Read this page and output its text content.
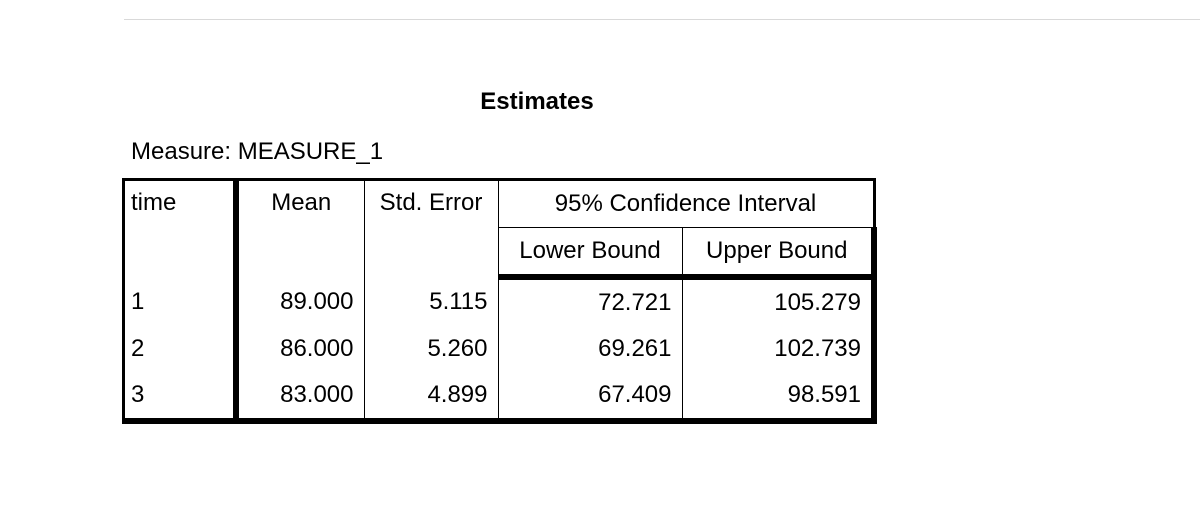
Estimates
Measure: MEASURE_1
time	Mean	Std. Error	95% Confidence Interval	
			Lower Bound	Upper Bound
1	89.000	5.115	72.721	105.279
2	86.000	5.260	69.261	102.739
3	83.000	4.899	67.409	98.591
